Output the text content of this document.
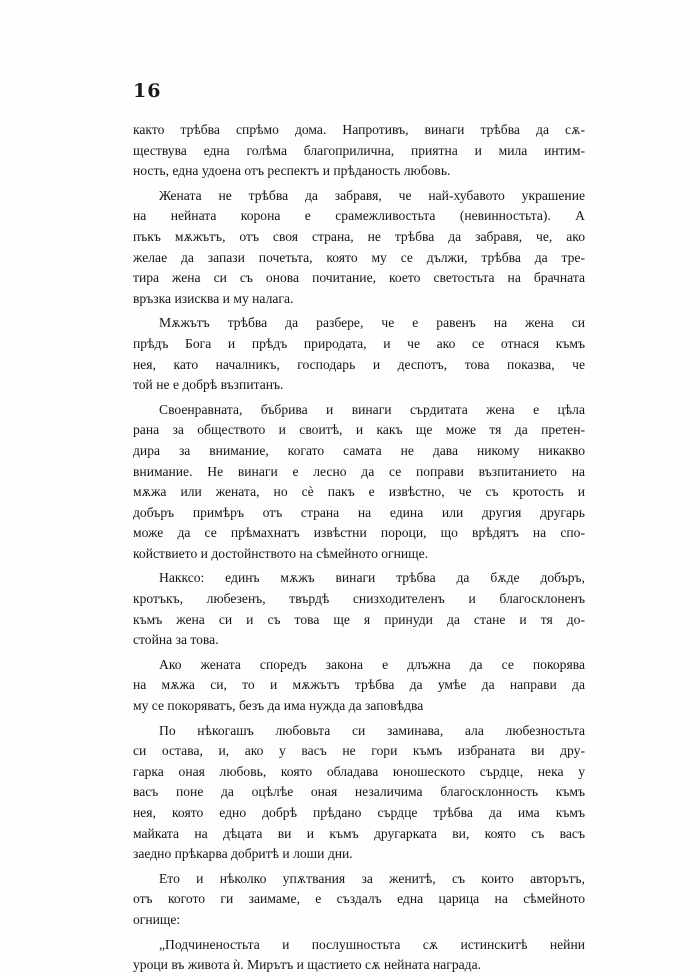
16
както трѣбва спрѣмо дома. Напротивъ, винаги трѣбва да сѫ-
ществува една голѣма благоприлична, приятна и мила интим-
ность, една удоена отъ респектъ и прѣданость любовь.
Жената не трѣбва да забравя, че най-хубавото украшение
на нейната корона е срамежливостьта (невинностьта). А
пъкъ мѫжътъ, отъ своя страна, не трѣбва да забравя, че, ако
желае да запази почетьта, която му се дължи, трѣбва да тре-
тира жена си съ онова почитание, което светостьта на брачната
връзка изисква и му налага.
Мѫжътъ трѣбва да разбере, че е равенъ на жена си
прѣдъ Бога и прѣдъ природата, и че ако се отнася къмъ
нея, като началникъ, господарь и деспотъ, това показва, че
той не е добрѣ възпитанъ.
Своенравната, бъбрива и винаги сърдитата жена е цѣла
рана за обществото и своитѣ, и какъ ще може тя да претен-
дира за внимание, когато самата не дава никому никакво
внимание. Не винаги е лесно да се поправи възпитанието на
мѫжа или жената, но сѐ пакъ е извѣстно, че съ кротость и
добъръ примѣръ отъ страна на едина или другия другарь
може да се прѣмахнатъ извѣстни пороци, що врѣдятъ на спо-
койствието и достойнството на сѣмейното огнище.
Накксо: единъ мѫжъ винаги трѣбва да бѫде добъръ,
кротъкъ, любезенъ, твърдѣ снизходителенъ и благосклоненъ
къмъ жена си и съ това ще я принуди да стане и тя до-
стойна за това.
Ако жената споредъ закона е длъжна да се покорява
на мѫжа си, то и мѫжътъ трѣбва да умѣе да направи да
му се покоряватъ, безъ да има нужда да заповѣдва
По нѣкогашъ любовьта си заминава, ала любезностьта
си остава, и, ако у васъ не гори къмъ избраната ви дру-
гарка оная любовь, която обладава юношеското сърдце, нека у
васъ поне да оцѣлѣе оная незаличима благосклонность къмъ
нея, която едно добрѣ прѣдано сърдце трѣбва да има къмъ
майката на дѣцата ви и къмъ другарката ви, която съ васъ
заедно прѣкарва добритѣ и лоши дни.
Ето и нѣколко упѫтвания за женитѣ, съ които авторътъ,
отъ когото ги заимаме, е създалъ една царица на сѣмейното
огнище:
„Подчиненостьта и послушностьта сѫ истинскитѣ нейни
уроци въ живота ѝ. Мирътъ и щастието сѫ нейната награда.
